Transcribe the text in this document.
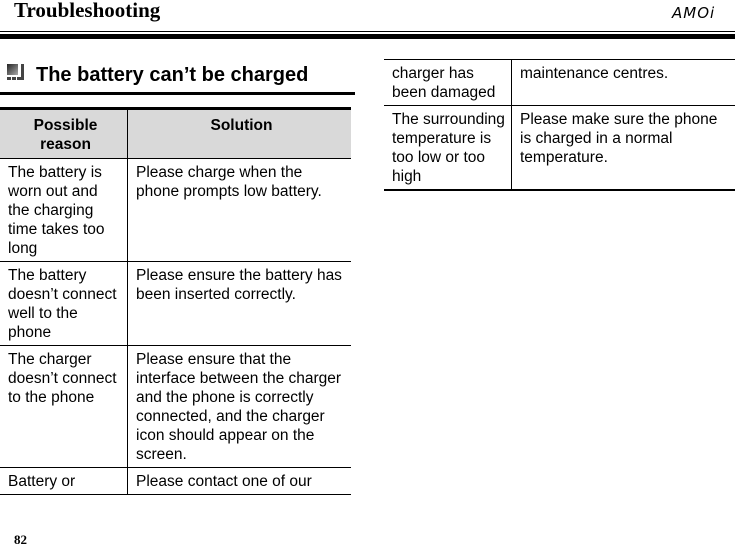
Troubleshooting	AMOi
The battery can’t be charged
Possible reason	Solution
The battery is worn out and the charging time takes too long	Please charge when the phone prompts low battery.
The battery doesn’t connect well to the phone	Please ensure the battery has been inserted correctly.
The charger doesn’t connect to the phone	Please ensure that the interface between the charger and the phone is correctly connected, and the charger icon should appear on the screen.
Battery or	Please contact one of our
charger has been damaged	maintenance centres.
The surrounding temperature is too low or too high	Please make sure the phone is charged in a normal temperature.
82
